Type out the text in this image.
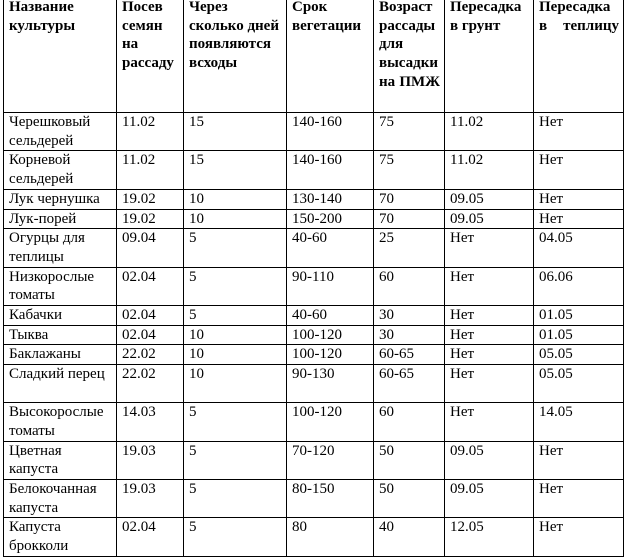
Название культуры	Посев семян на рассаду	Через сколько дней появляются всходы	Срок вегетации	Возраст рассады для высадки на ПМЖ	Пересадка в грунт	Пересадка в теплицу
Черешковый сельдерей	11.02	15	140-160	75	11.02	Нет
Корневой сельдерей	11.02	15	140-160	75	11.02	Нет
Лук чернушка	19.02	10	130-140	70	09.05	Нет
Лук-порей	19.02	10	150-200	70	09.05	Нет
Огурцы для теплицы	09.04	5	40-60	25	Нет	04.05
Низкорослые томаты	02.04	5	90-110	60	Нет	06.06
Кабачки	02.04	5	40-60	30	Нет	01.05
Тыква	02.04	10	100-120	30	Нет	01.05
Баклажаны	22.02	10	100-120	60-65	Нет	05.05
Сладкий перец	22.02	10	90-130	60-65	Нет	05.05
Высокорослые томаты	14.03	5	100-120	60	Нет	14.05
Цветная капуста	19.03	5	70-120	50	09.05	Нет
Белокочанная капуста	19.03	5	80-150	50	09.05	Нет
Капуста брокколи	02.04	5	80	40	12.05	Нет
